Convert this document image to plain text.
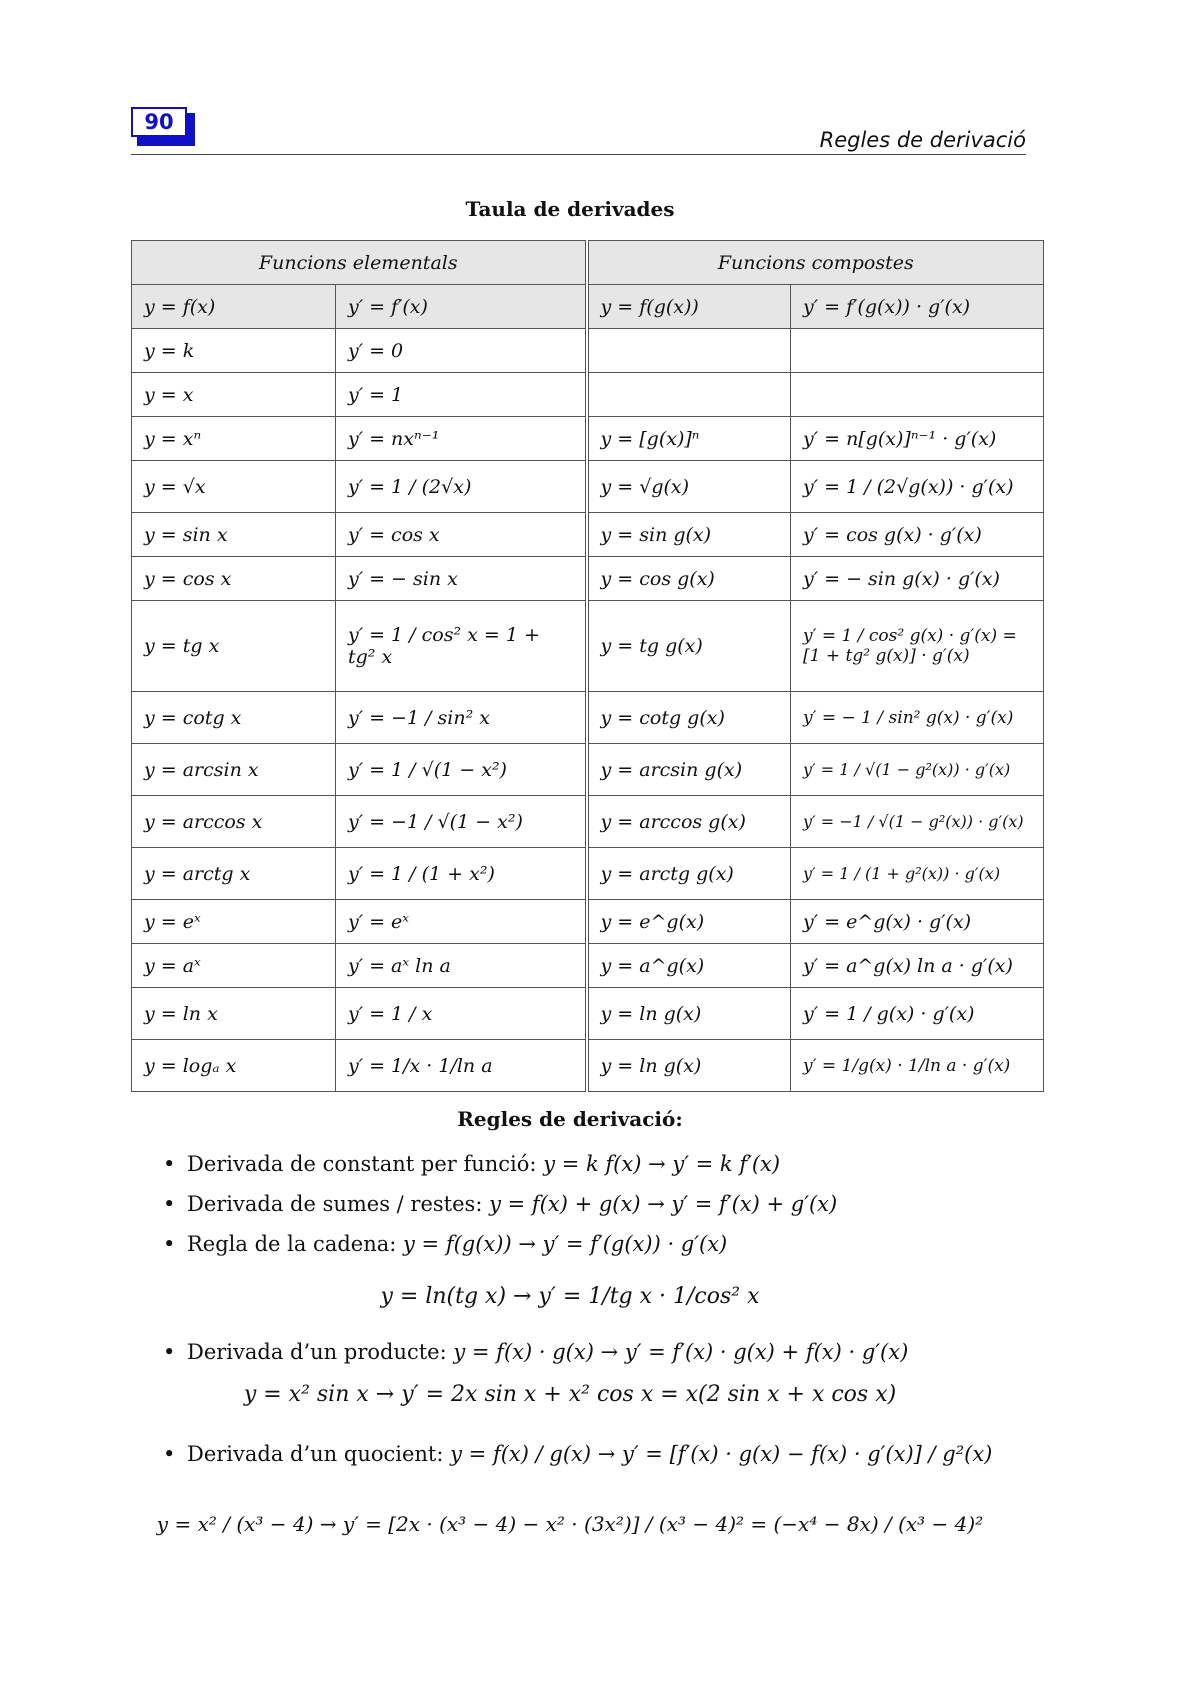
90
Regles de derivació
Taula de derivades
Funcions elementals		Funcions compostes	
y = f(x)	y′ = f′(x)	y = f(g(x))	y′ = f′(g(x)) · g′(x)
y = k	y′ = 0		
y = x	y′ = 1		
y = xⁿ	y′ = nxⁿ⁻¹	y = [g(x)]ⁿ	y′ = n[g(x)]ⁿ⁻¹ · g′(x)
y = √x	y′ = 1 / (2√x)	y = √g(x)	y′ = 1 / (2√g(x)) · g′(x)
y = sin x	y′ = cos x	y = sin g(x)	y′ = cos g(x) · g′(x)
y = cos x	y′ = − sin x	y = cos g(x)	y′ = − sin g(x) · g′(x)
y = tg x	y′ = 1 / cos² x = 1 + tg² x	y = tg g(x)	y′ = 1 / cos² g(x) · g′(x) = [1 + tg² g(x)] · g′(x)
y = cotg x	y′ = −1 / sin² x	y = cotg g(x)	y′ = − 1 / sin² g(x) · g′(x)
y = arcsin x	y′ = 1 / √(1 − x²)	y = arcsin g(x)	y′ = 1 / √(1 − g²(x)) · g′(x)
y = arccos x	y′ = −1 / √(1 − x²)	y = arccos g(x)	y′ = −1 / √(1 − g²(x)) · g′(x)
y = arctg x	y′ = 1 / (1 + x²)	y = arctg g(x)	y′ = 1 / (1 + g²(x)) · g′(x)
y = eˣ	y′ = eˣ	y = e^g(x)	y′ = e^g(x) · g′(x)
y = aˣ	y′ = aˣ ln a	y = a^g(x)	y′ = a^g(x) ln a · g′(x)
y = ln x	y′ = 1 / x	y = ln g(x)	y′ = 1 / g(x) · g′(x)
y = logₐ x	y′ = 1/x · 1/ln a	y = ln g(x)	y′ = 1/g(x) · 1/ln a · g′(x)
Regles de derivació:
• Derivada de constant per funció: y = k f(x) → y′ = k f′(x)
• Derivada de sumes / restes: y = f(x) + g(x) → y′ = f′(x) + g′(x)
• Regla de la cadena: y = f(g(x)) → y′ = f′(g(x)) · g′(x)
y = ln(tg x) → y′ = 1/tg x · 1/cos² x
• Derivada d’un producte: y = f(x) · g(x) → y′ = f′(x) · g(x) + f(x) · g′(x)
y = x² sin x → y′ = 2x sin x + x² cos x = x(2 sin x + x cos x)
• Derivada d’un quocient: y = f(x) / g(x) → y′ = [f′(x) · g(x) − f(x) · g′(x)] / g²(x)
y = x² / (x³ − 4) → y′ = [2x · (x³ − 4) − x² · (3x²)] / (x³ − 4)² = (−x⁴ − 8x) / (x³ − 4)²
